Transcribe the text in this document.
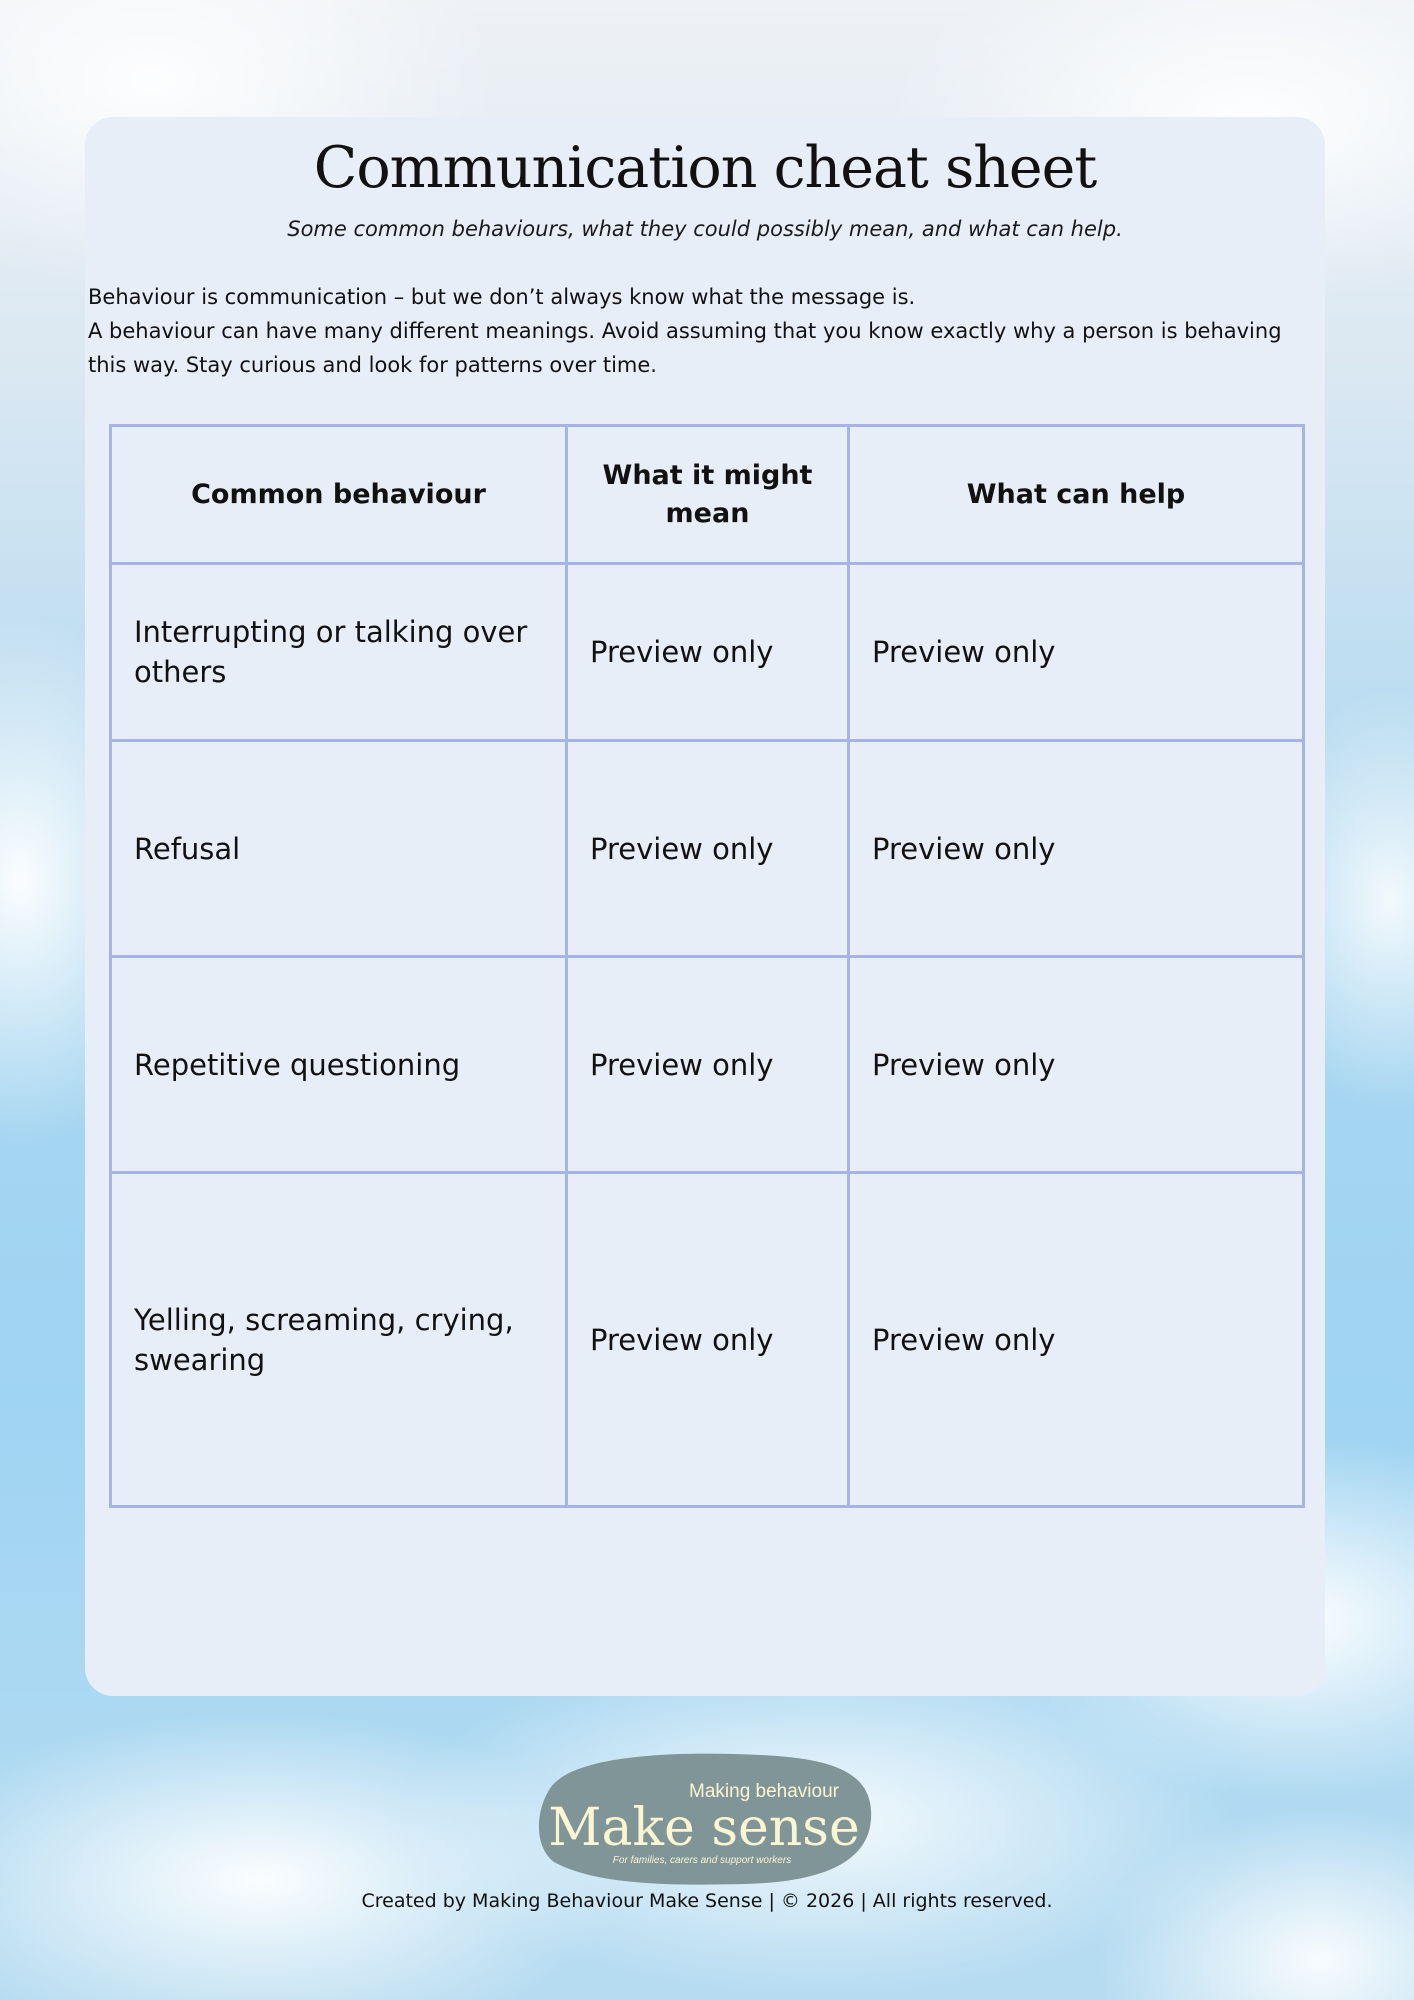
Communication cheat sheet
Some common behaviours, what they could possibly mean, and what can help.

Behaviour is communication – but we don’t always know what the message is.

A behaviour can have many different meanings. Avoid assuming that you know exactly why a person is behaving this way. Stay curious and look for patterns over time.

Common behaviour	What it might mean	What can help
Interrupting or talking over others	Preview only	Preview only
Refusal	Preview only	Preview only
Repetitive questioning	Preview only	Preview only
Yelling, screaming, crying, swearing	Preview only	Preview only
Making behaviour
Make sense
For families, carers and support workers
Created by Making Behaviour Make Sense | © 2026 | All rights reserved.
